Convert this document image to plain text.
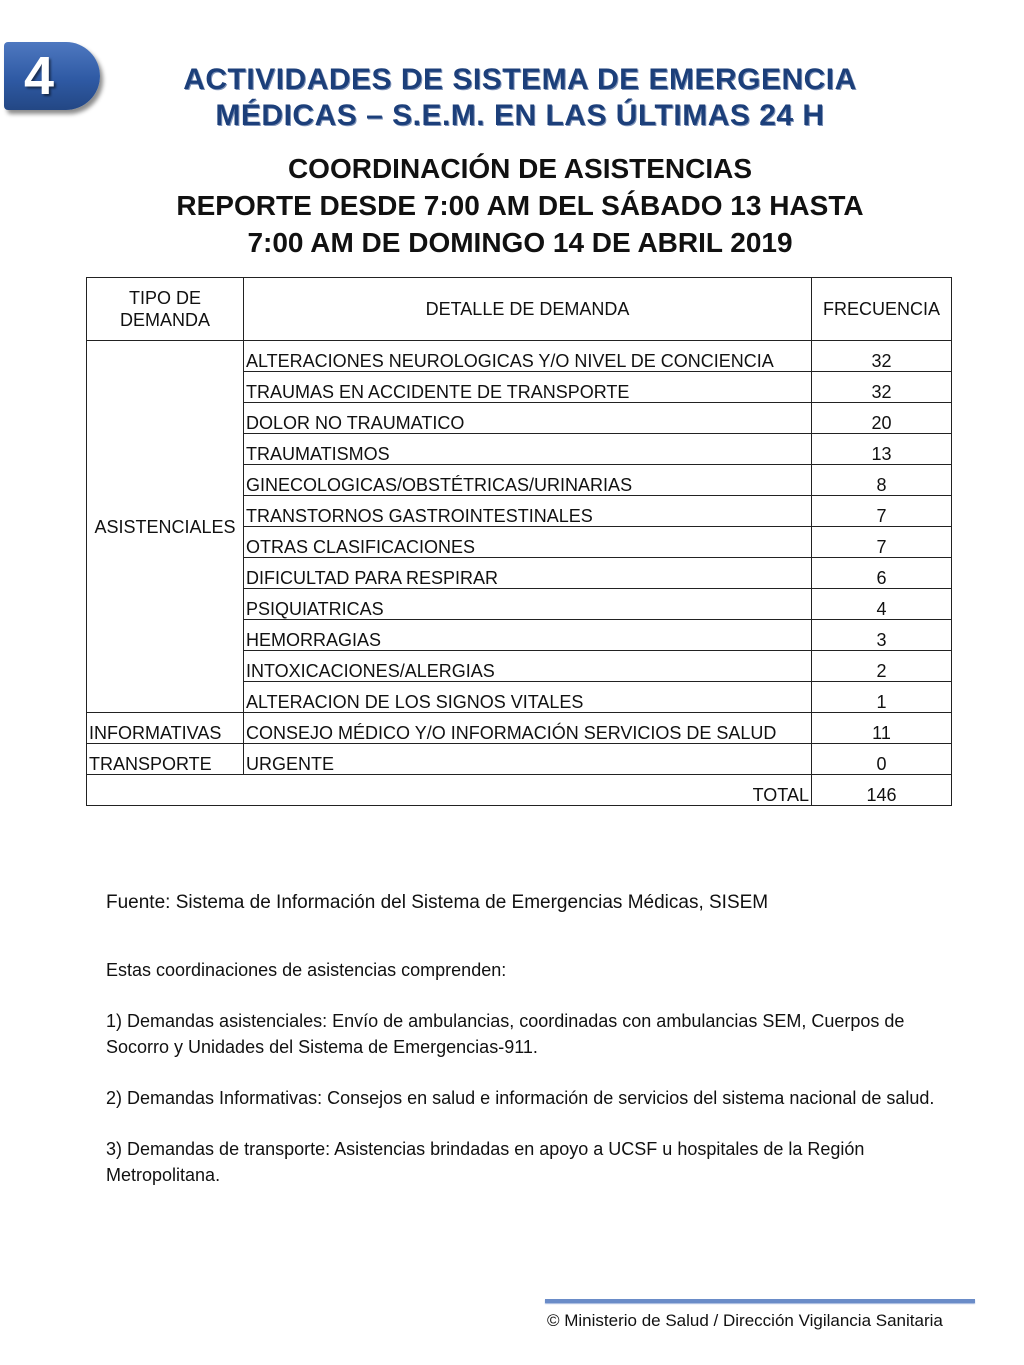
4	ACTIVIDADES DE SISTEMA DE EMERGENCIA
MÉDICAS – S.E.M. EN LAS ÚLTIMAS 24 H
COORDINACIÓN DE ASISTENCIAS
REPORTE DESDE 7:00 AM DEL SÁBADO 13 HASTA
7:00 AM DE DOMINGO 14 DE ABRIL 2019
TIPO DE DEMANDA	DETALLE DE DEMANDA	FRECUENCIA
ASISTENCIALES	ALTERACIONES NEUROLOGICAS Y/O NIVEL DE CONCIENCIA	32
	TRAUMAS EN ACCIDENTE DE TRANSPORTE	32
	DOLOR NO TRAUMATICO	20
	TRAUMATISMOS	13
	GINECOLOGICAS/OBSTÉTRICAS/URINARIAS	8
	TRANSTORNOS GASTROINTESTINALES	7
	OTRAS CLASIFICACIONES	7
	DIFICULTAD PARA RESPIRAR	6
	PSIQUIATRICAS	4
	HEMORRAGIAS	3
	INTOXICACIONES/ALERGIAS	2
	ALTERACION DE LOS SIGNOS VITALES	1
INFORMATIVAS	CONSEJO MÉDICO Y/O INFORMACIÓN SERVICIOS DE SALUD	11
TRANSPORTE	URGENTE	0
TOTAL		146

Fuente: Sistema de Información del Sistema de Emergencias Médicas, SISEM

Estas coordinaciones de asistencias comprenden:

1) Demandas asistenciales: Envío de ambulancias, coordinadas con ambulancias SEM, Cuerpos de Socorro y Unidades del Sistema de Emergencias-911.

2) Demandas Informativas: Consejos en salud e información de servicios del sistema nacional de salud.

3) Demandas de transporte: Asistencias brindadas en apoyo a UCSF u hospitales de la Región Metropolitana.

© Ministerio de Salud / Dirección Vigilancia Sanitaria
